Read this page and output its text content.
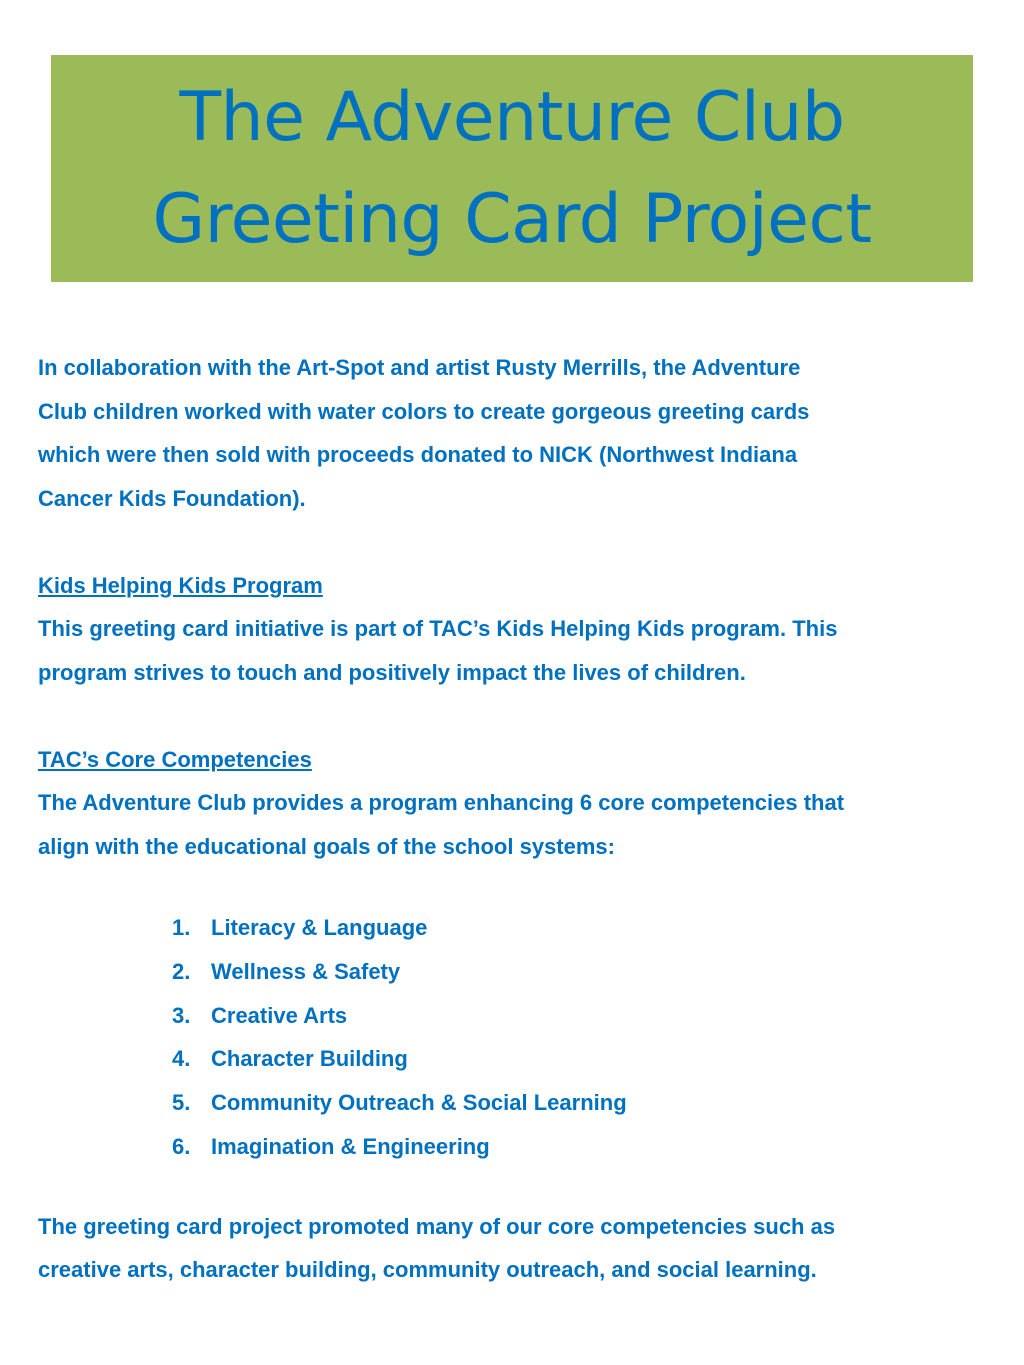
The Adventure Club
Greeting Card Project

In collaboration with the Art-Spot and artist Rusty Merrills, the Adventure
Club children worked with water colors to create gorgeous greeting cards
which were then sold with proceeds donated to NICK (Northwest Indiana
Cancer Kids Foundation).

Kids Helping Kids Program
This greeting card initiative is part of TAC’s Kids Helping Kids program. This
program strives to touch and positively impact the lives of children.

TAC’s Core Competencies
The Adventure Club provides a program enhancing 6 core competencies that
align with the educational goals of the school systems:

1. Literacy & Language
2. Wellness & Safety
3. Creative Arts
4. Character Building
5. Community Outreach & Social Learning
6. Imagination & Engineering

The greeting card project promoted many of our core competencies such as
creative arts, character building, community outreach, and social learning.
